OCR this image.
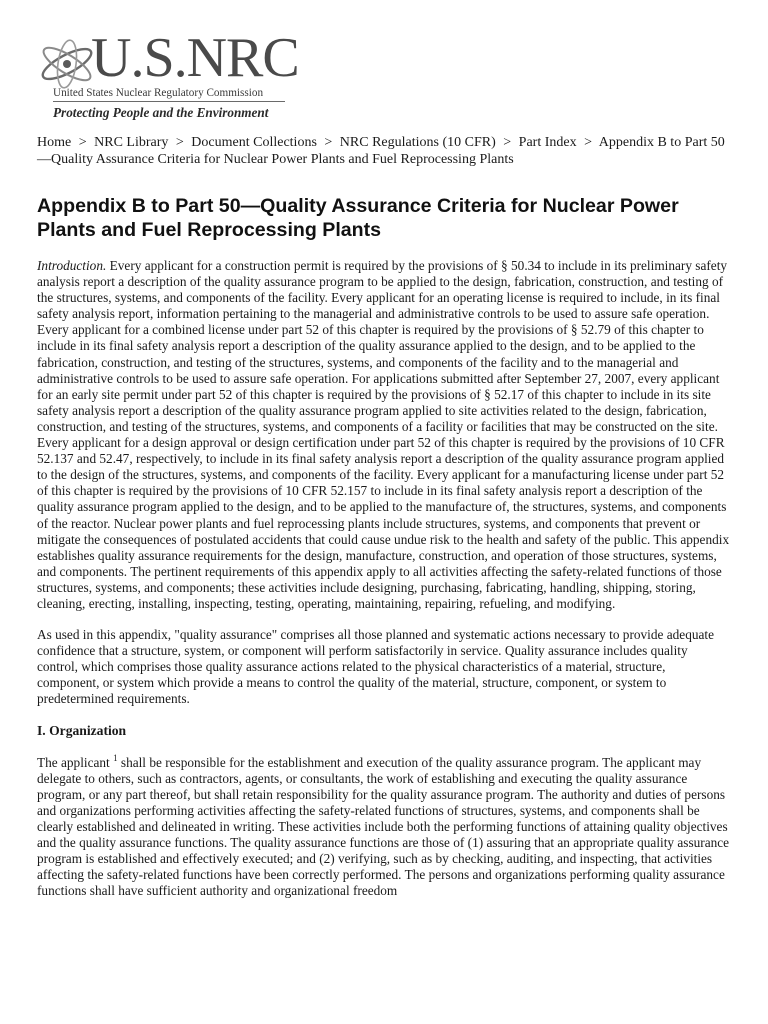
U.S.NRC
United States Nuclear Regulatory Commission
Protecting People and the Environment
Home > NRC Library > Document Collections > NRC Regulations (10 CFR) > Part Index > Appendix B to Part 50—Quality Assurance Criteria for Nuclear Power Plants and Fuel Reprocessing Plants
Appendix B to Part 50—Quality Assurance Criteria for Nuclear Power Plants and Fuel Reprocessing Plants

Introduction. Every applicant for a construction permit is required by the provisions of § 50.34 to include in its preliminary safety analysis report a description of the quality assurance program to be applied to the design, fabrication, construction, and testing of the structures, systems, and components of the facility. Every applicant for an operating license is required to include, in its final safety analysis report, information pertaining to the managerial and administrative controls to be used to assure safe operation. Every applicant for a combined license under part 52 of this chapter is required by the provisions of § 52.79 of this chapter to include in its final safety analysis report a description of the quality assurance applied to the design, and to be applied to the fabrication, construction, and testing of the structures, systems, and components of the facility and to the managerial and administrative controls to be used to assure safe operation. For applications submitted after September 27, 2007, every applicant for an early site permit under part 52 of this chapter is required by the provisions of § 52.17 of this chapter to include in its site safety analysis report a description of the quality assurance program applied to site activities related to the design, fabrication, construction, and testing of the structures, systems, and components of a facility or facilities that may be constructed on the site. Every applicant for a design approval or design certification under part 52 of this chapter is required by the provisions of 10 CFR 52.137 and 52.47, respectively, to include in its final safety analysis report a description of the quality assurance program applied to the design of the structures, systems, and components of the facility. Every applicant for a manufacturing license under part 52 of this chapter is required by the provisions of 10 CFR 52.157 to include in its final safety analysis report a description of the quality assurance program applied to the design, and to be applied to the manufacture of, the structures, systems, and components of the reactor. Nuclear power plants and fuel reprocessing plants include structures, systems, and components that prevent or mitigate the consequences of postulated accidents that could cause undue risk to the health and safety of the public. This appendix establishes quality assurance requirements for the design, manufacture, construction, and operation of those structures, systems, and components. The pertinent requirements of this appendix apply to all activities affecting the safety-related functions of those structures, systems, and components; these activities include designing, purchasing, fabricating, handling, shipping, storing, cleaning, erecting, installing, inspecting, testing, operating, maintaining, repairing, refueling, and modifying.

As used in this appendix, "quality assurance" comprises all those planned and systematic actions necessary to provide adequate confidence that a structure, system, or component will perform satisfactorily in service. Quality assurance includes quality control, which comprises those quality assurance actions related to the physical characteristics of a material, structure, component, or system which provide a means to control the quality of the material, structure, component, or system to predetermined requirements.

I. Organization

The applicant $^1$ shall be responsible for the establishment and execution of the quality assurance program. The applicant may delegate to others, such as contractors, agents, or consultants, the work of establishing and executing the quality assurance program, or any part thereof, but shall retain responsibility for the quality assurance program. The authority and duties of persons and organizations performing activities affecting the safety-related functions of structures, systems, and components shall be clearly established and delineated in writing. These activities include both the performing functions of attaining quality objectives and the quality assurance functions. The quality assurance functions are those of (1) assuring that an appropriate quality assurance program is established and effectively executed; and (2) verifying, such as by checking, auditing, and inspecting, that activities affecting the safety-related functions have been correctly performed. The persons and organizations performing quality assurance functions shall have sufficient authority and organizational freedom
